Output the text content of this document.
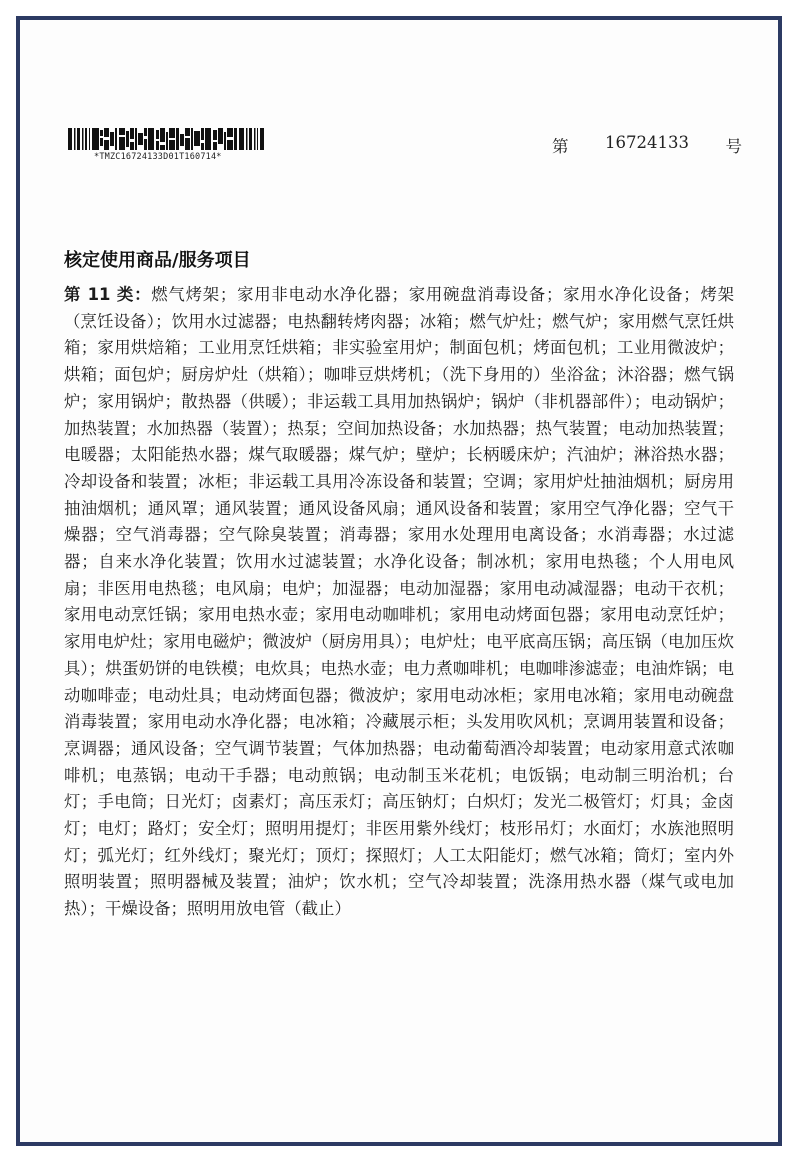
*TMZC16724133D01T160714*
第 16724133 号
核定使用商品/服务项目
第 11 类：燃气烤架；家用非电动水净化器；家用碗盘消毒设备；家用水净化设备；烤架（烹饪设备）；饮用水过滤器；电热翻转烤肉器；冰箱；燃气炉灶；燃气炉；家用燃气烹饪烘箱；家用烘焙箱；工业用烹饪烘箱；非实验室用炉；制面包机；烤面包机；工业用微波炉；烘箱；面包炉；厨房炉灶（烘箱）；咖啡豆烘烤机；（洗下身用的）坐浴盆；沐浴器；燃气锅炉；家用锅炉；散热器（供暖）；非运载工具用加热锅炉；锅炉（非机器部件）；电动锅炉；加热装置；水加热器（装置）；热泵；空间加热设备；水加热器；热气装置；电动加热装置；电暖器；太阳能热水器；煤气取暖器；煤气炉；壁炉；长柄暖床炉；汽油炉；淋浴热水器；冷却设备和装置；冰柜；非运载工具用冷冻设备和装置；空调；家用炉灶抽油烟机；厨房用抽油烟机；通风罩；通风装置；通风设备风扇；通风设备和装置；家用空气净化器；空气干燥器；空气消毒器；空气除臭装置；消毒器；家用水处理用电离设备；水消毒器；水过滤器；自来水净化装置；饮用水过滤装置；水净化设备；制冰机；家用电热毯；个人用电风扇；非医用电热毯；电风扇；电炉；加湿器；电动加湿器；家用电动减湿器；电动干衣机；家用电动烹饪锅；家用电热水壶；家用电动咖啡机；家用电动烤面包器；家用电动烹饪炉；家用电炉灶；家用电磁炉；微波炉（厨房用具）；电炉灶；电平底高压锅；高压锅（电加压炊具）；烘蛋奶饼的电铁模；电炊具；电热水壶；电力煮咖啡机；电咖啡渗滤壶；电油炸锅；电动咖啡壶；电动灶具；电动烤面包器；微波炉；家用电动冰柜；家用电冰箱；家用电动碗盘消毒装置；家用电动水净化器；电冰箱；冷藏展示柜；头发用吹风机；烹调用装置和设备；烹调器；通风设备；空气调节装置；气体加热器；电动葡萄酒冷却装置；电动家用意式浓咖啡机；电蒸锅；电动干手器；电动煎锅；电动制玉米花机；电饭锅；电动制三明治机；台灯；手电筒；日光灯；卤素灯；高压汞灯；高压钠灯；白炽灯；发光二极管灯；灯具；金卤灯；电灯；路灯；安全灯；照明用提灯；非医用紫外线灯；枝形吊灯；水面灯；水族池照明灯；弧光灯；红外线灯；聚光灯；顶灯；探照灯；人工太阳能灯；燃气冰箱；筒灯；室内外照明装置；照明器械及装置；油炉；饮水机；空气冷却装置；洗涤用热水器（煤气或电加热）；干燥设备；照明用放电管（截止）
